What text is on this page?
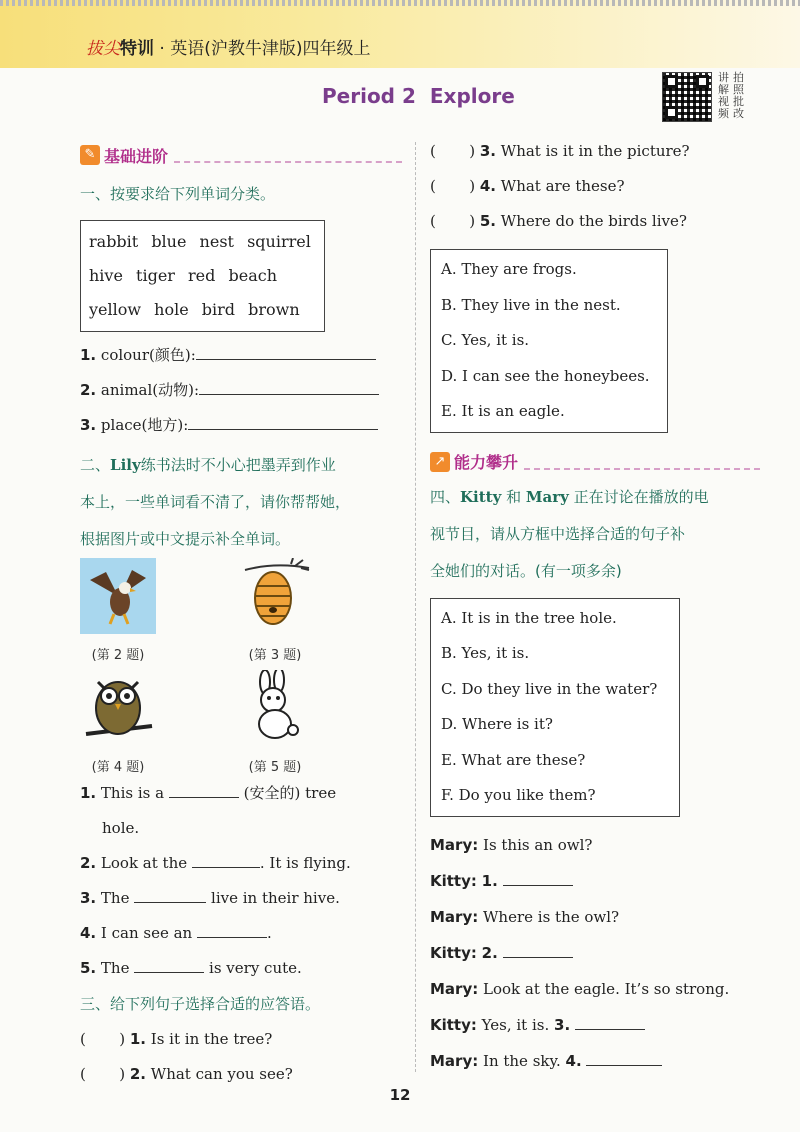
拔尖特训 · 英语(沪教牛津版)四年级上
Period 2 Explore
讲
解
视
频
拍
照
批
改
✎ 基础进阶
一、按要求给下列单词分类。
rabbit blue nest squirrel
hive tiger red beach
yellow hole bird brown
1. colour(颜色):
2. animal(动物):
3. place(地方):
二、Lily练书法时不小心把墨弄到作业
本上，一些单词看不清了，请你帮帮她，
根据图片或中文提示补全单词。
(第 2 题)	(第 3 题)
(第 4 题)	(第 5 题)
1. This is a	(安全的) tree
hole.
2. Look at the	. It is flying.
3. The	live in their hive.
4. I can see an	.
5. The	is very cute.
三、给下列句子选择合适的应答语。
(       ) 1. Is it in the tree?
(       ) 2. What can you see?
12
(       ) 3. What is it in the picture?
(       ) 4. What are these?
(       ) 5. Where do the birds live?
A. They are frogs.
B. They live in the nest.
C. Yes, it is.
D. I can see the honeybees.
E. It is an eagle.
↗ 能力攀升
四、Kitty 和 Mary 正在讨论在播放的电
视节目，请从方框中选择合适的句子补
全她们的对话。(有一项多余)
A. It is in the tree hole.
B. Yes, it is.
C. Do they live in the water?
D. Where is it?
E. What are these?
F. Do you like them?
Mary: Is this an owl?
Kitty: 1.
Mary: Where is the owl?
Kitty: 2.
Mary: Look at the eagle. It’s so strong.
Kitty: Yes, it is. 3.
Mary: In the sky. 4.
